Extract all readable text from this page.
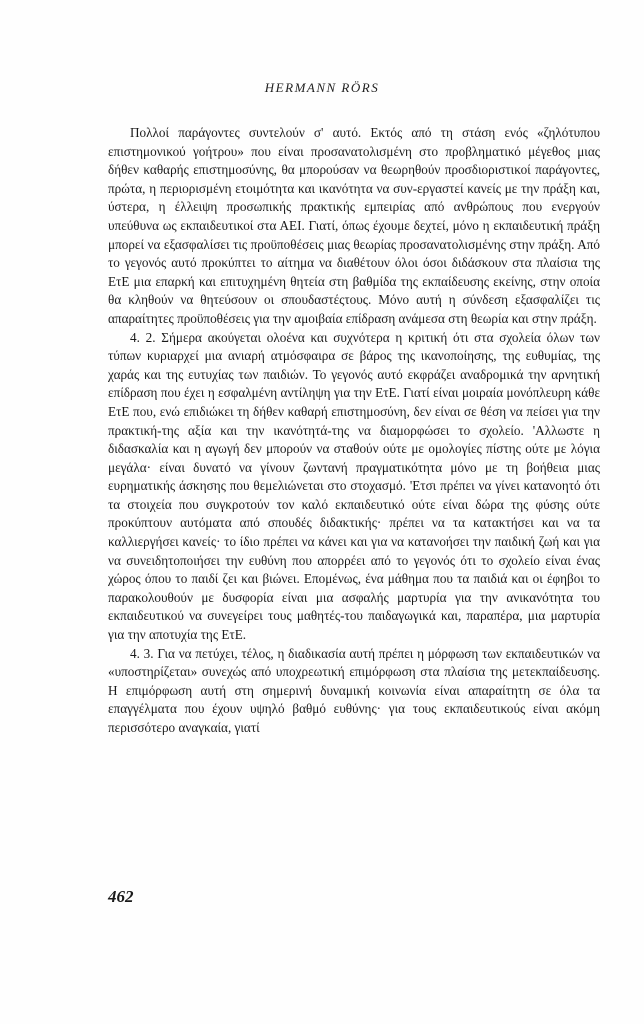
HERMANN RÖRS

Πολλοί παράγοντες συντελούν σ' αυτό. Εκτός από τη στάση ενός «ζηλότυπου επιστημονικού γοήτρου» που είναι προσανατολισμένη στο προβληματικό μέγεθος μιας δήθεν καθαρής επιστημοσύνης, θα μπορούσαν να θεωρηθούν προσδιοριστικοί παράγοντες, πρώτα, η περιορισμένη ετοιμότητα και ικανότητα να συν-εργαστεί κανείς με την πράξη και, ύστερα, η έλλειψη προσωπικής πρακτικής εμπειρίας από ανθρώπους που ενεργούν υπεύθυνα ως εκπαιδευτικοί στα ΑΕΙ. Γιατί, όπως έχουμε δεχτεί, μόνο η εκπαιδευτική πράξη μπορεί να εξασφαλίσει τις προϋποθέσεις μιας θεωρίας προσανατολισμένης στην πράξη. Από το γεγονός αυτό προκύπτει το αίτημα να διαθέτουν όλοι όσοι διδάσκουν στα πλαίσια της ΕτΕ μια επαρκή και επιτυχημένη θητεία στη βαθμίδα της εκπαίδευσης εκείνης, στην οποία θα κληθούν να θητεύσουν οι σπουδαστέςτους. Μόνο αυτή η σύνδεση εξασφαλίζει τις απαραίτητες προϋποθέσεις για την αμοιβαία επίδραση ανάμεσα στη θεωρία και στην πράξη.

4. 2. Σήμερα ακούγεται ολοένα και συχνότερα η κριτική ότι στα σχολεία όλων των τύπων κυριαρχεί μια ανιαρή ατμόσφαιρα σε βάρος της ικανοποίησης, της ευθυμίας, της χαράς και της ευτυχίας των παιδιών. Το γεγονός αυτό εκφράζει αναδρομικά την αρνητική επίδραση που έχει η εσφαλμένη αντίληψη για την ΕτΕ. Γιατί είναι μοιραία μονόπλευρη κάθε ΕτΕ που, ενώ επιδιώκει τη δήθεν καθαρή επιστημοσύνη, δεν είναι σε θέση να πείσει για την πρακτική-της αξία και την ικανότητά-της να διαμορφώσει το σχολείο. 'Αλλωστε η διδασκαλία και η αγωγή δεν μπορούν να σταθούν ούτε με ομολογίες πίστης ούτε με λόγια μεγάλα· είναι δυνατό να γίνουν ζωντανή πραγματικότητα μόνο με τη βοήθεια μιας ευρηματικής άσκησης που θεμελιώνεται στο στοχασμό. 'Ετσι πρέπει να γίνει κατανοητό ότι τα στοιχεία που συγκροτούν τον καλό εκπαιδευτικό ούτε είναι δώρα της φύσης ούτε προκύπτουν αυτόματα από σπουδές διδακτικής· πρέπει να τα κατακτήσει και να τα καλλιεργήσει κανείς· το ίδιο πρέπει να κάνει και για να κατανοήσει την παιδική ζωή και για να συνειδητοποιήσει την ευθύνη που απορρέει από το γεγονός ότι το σχολείο είναι ένας χώρος όπου το παιδί ζει και βιώνει. Επομένως, ένα μάθημα που τα παιδιά και οι έφηβοι το παρακολουθούν με δυσφορία είναι μια ασφαλής μαρτυρία για την ανικανότητα του εκπαιδευτικού να συνεγείρει τους μαθητές-του παιδαγωγικά και, παραπέρα, μια μαρτυρία για την αποτυχία της ΕτΕ.

4. 3. Για να πετύχει, τέλος, η διαδικασία αυτή πρέπει η μόρφωση των εκπαιδευτικών να «υποστηρίζεται» συνεχώς από υποχρεωτική επιμόρφωση στα πλαίσια της μετεκπαίδευσης. Η επιμόρφωση αυτή στη σημερινή δυναμική κοινωνία είναι απαραίτητη σε όλα τα επαγγέλματα που έχουν υψηλό βαθμό ευθύνης· για τους εκπαιδευτικούς είναι ακόμη περισσότερο αναγκαία, γιατί

462
